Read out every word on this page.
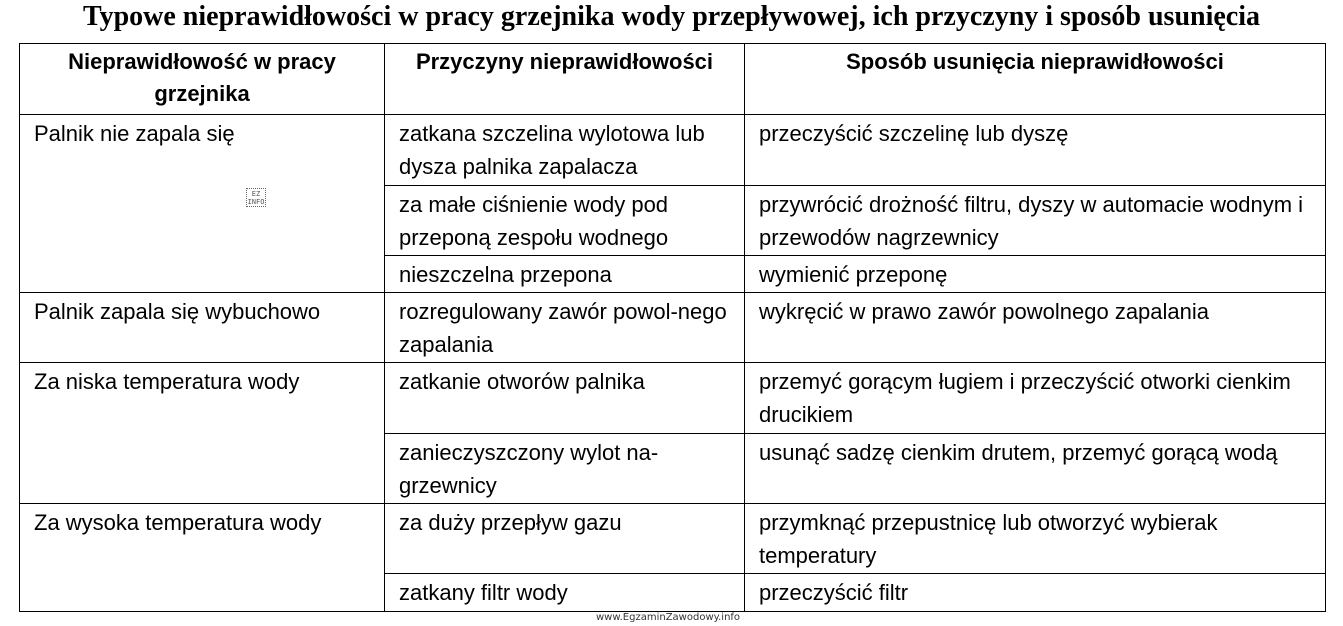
Typowe nieprawidłowości w pracy grzejnika wody przepływowej, ich przyczyny i sposób usunięcia
Nieprawidłowość w pracy grzejnika	Przyczyny nieprawidłowości	Sposób usunięcia nieprawidłowości
Palnik nie zapala się	zatkana szczelina wylotowa lub dysza palnika zapalacza	przeczyścić szczelinę lub dyszę
	za małe ciśnienie wody pod przeponą zespołu wodnego	przywrócić drożność filtru, dyszy w automacie wodnym i przewodów nagrzewnicy
	nieszczelna przepona	wymienić przeponę
Palnik zapala się wybuchowo	rozregulowany zawór powol-nego zapalania	wykręcić w prawo zawór powolnego zapalania
Za niska temperatura wody	zatkanie otworów palnika	przemyć gorącym ługiem i przeczyścić otworki cienkim drucikiem
	zanieczyszczony wylot na-grzewnicy	usunąć sadzę cienkim drutem, przemyć gorącą wodą
Za wysoka temperatura wody	za duży przepływ gazu	przymknąć przepustnicę lub otworzyć wybierak temperatury
	zatkany filtr wody	przeczyścić filtr
EZ INFO
www.EgzaminZawodowy.info
